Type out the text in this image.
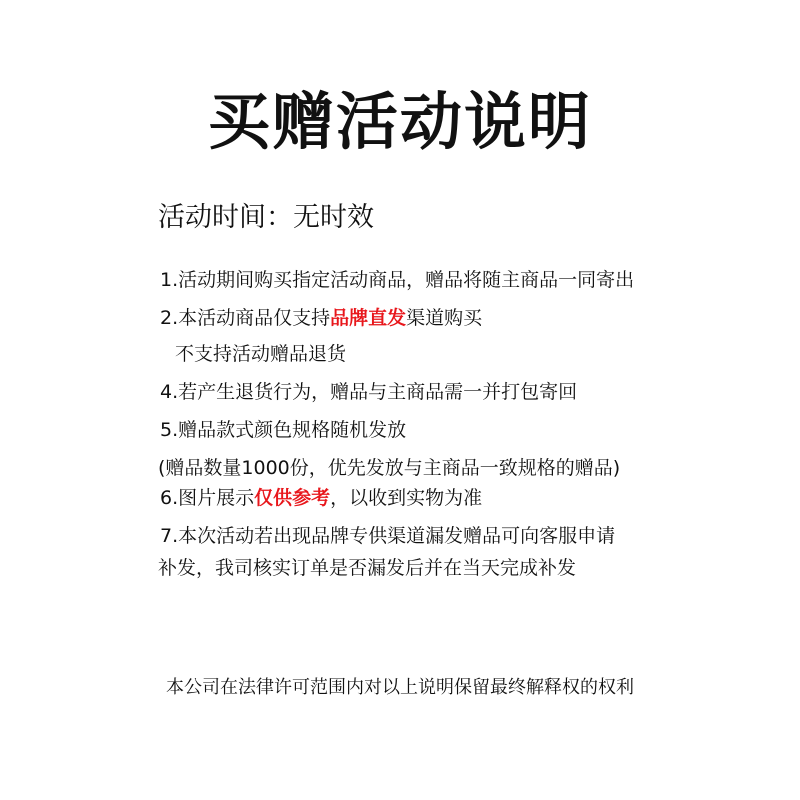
买赠活动说明
活动时间：无时效
1.活动期间购买指定活动商品，赠品将随主商品一同寄出
2.本活动商品仅支持品牌直发渠道购买
不支持活动赠品退货
4.若产生退货行为，赠品与主商品需一并打包寄回
5.赠品款式颜色规格随机发放
(赠品数量1000份，优先发放与主商品一致规格的赠品)
6.图片展示仅供参考，以收到实物为准
7.本次活动若出现品牌专供渠道漏发赠品可向客服申请
补发，我司核实订单是否漏发后并在当天完成补发
本公司在法律许可范围内对以上说明保留最终解释权的权利
